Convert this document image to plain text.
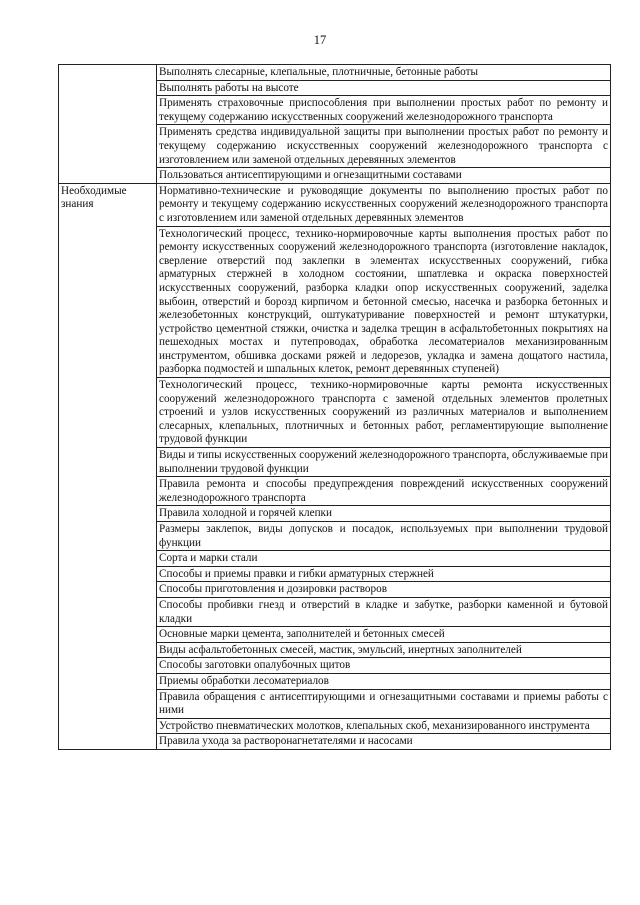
17
	Выполнять слесарные, клепальные, плотничные, бетонные работы
	Выполнять работы на высоте
	Применять страховочные приспособления при выполнении простых работ по ремонту и текущему содержанию искусственных сооружений железнодорожного транспорта
	Применять средства индивидуальной защиты при выполнении простых работ по ремонту и текущему содержанию искусственных сооружений железнодорожного транспорта с изготовлением или заменой отдельных деревянных элементов
	Пользоваться антисептирующими и огнезащитными составами
Необходимые знания	Нормативно-технические и руководящие документы по выполнению простых работ по ремонту и текущему содержанию искусственных сооружений железнодорожного транспорта с изготовлением или заменой отдельных деревянных элементов
	Технологический процесс, технико-нормировочные карты выполнения простых работ по ремонту искусственных сооружений железнодорожного транспорта (изготовление накладок, сверление отверстий под заклепки в элементах искусственных сооружений, гибка арматурных стержней в холодном состоянии, шпатлевка и окраска поверхностей искусственных сооружений, разборка кладки опор искусственных сооружений, заделка выбоин, отверстий и борозд кирпичом и бетонной смесью, насечка и разборка бетонных и железобетонных конструкций, оштукатуривание поверхностей и ремонт штукатурки, устройство цементной стяжки, очистка и заделка трещин в асфальтобетонных покрытиях на пешеходных мостах и путепроводах, обработка лесоматериалов механизированным инструментом, обшивка досками ряжей и ледорезов, укладка и замена дощатого настила, разборка подмостей и шпальных клеток, ремонт деревянных ступеней)
	Технологический процесс, технико-нормировочные карты ремонта искусственных сооружений железнодорожного транспорта с заменой отдельных элементов пролетных строений и узлов искусственных сооружений из различных материалов и выполнением слесарных, клепальных, плотничных и бетонных работ, регламентирующие выполнение трудовой функции
	Виды и типы искусственных сооружений железнодорожного транспорта, обслуживаемые при выполнении трудовой функции
	Правила ремонта и способы предупреждения повреждений искусственных сооружений железнодорожного транспорта
	Правила холодной и горячей клепки
	Размеры заклепок, виды допусков и посадок, используемых при выполнении трудовой функции
	Сорта и марки стали
	Способы и приемы правки и гибки арматурных стержней
	Способы приготовления и дозировки растворов
	Способы пробивки гнезд и отверстий в кладке и забутке, разборки каменной и бутовой кладки
	Основные марки цемента, заполнителей и бетонных смесей
	Виды асфальтобетонных смесей, мастик, эмульсий, инертных заполнителей
	Способы заготовки опалубочных щитов
	Приемы обработки лесоматериалов
	Правила обращения с антисептирующими и огнезащитными составами и приемы работы с ними
	Устройство пневматических молотков, клепальных скоб, механизированного инструмента
	Правила ухода за растворонагнетателями и насосами
